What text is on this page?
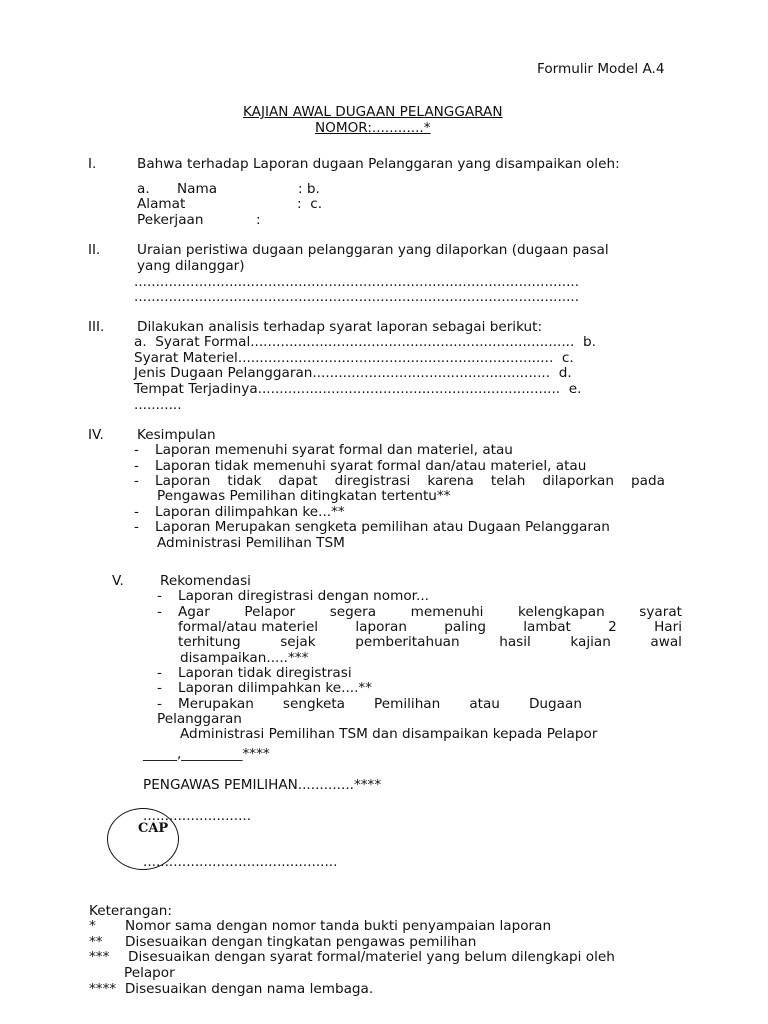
Formulir Model A.4
KAJIAN AWAL DUGAAN PELANGGARAN
NOMOR:............*
I.	Bahwa terhadap Laporan dugaan Pelanggaran yang disampaikan oleh:
a. Nama	: b.
Alamat	:  c.
Pekerjaan	:
II.	Uraian peristiwa dugaan pelanggaran yang dilaporkan (dugaan pasal
yang dilanggar)
.......................................................................................................
.......................................................................................................
III. Dilakukan analisis terhadap syarat laporan sebagai berikut:
a.  Syarat Formal...........................................................................  b.
Syarat Materiel.........................................................................  c.
Jenis Dugaan Pelanggaran.......................................................  d.
Tempat Terjadinya......................................................................  e.
...........
IV. Kesimpulan
- Laporan memenuhi syarat formal dan materiel, atau
- Laporan tidak memenuhi syarat formal dan/atau materiel, atau
- Laporan tidak dapat diregistrasi karena telah dilaporkan pada
Pengawas Pemilihan ditingkatan tertentu**
- Laporan dilimpahkan ke...**
- Laporan Merupakan sengketa pemilihan atau Dugaan Pelanggaran
Administrasi Pemilihan TSM
V.	Rekomendasi
- Laporan diregistrasi dengan nomor...
- Agar	Pelapor	segera	memenuhi	kelengkapan	syarat
formal/atau materiel	laporan	paling	lambat	2	Hari
terhitung	sejak	pemberitahuan	hasil	kajian	awal
disampaikan.....***
- Laporan tidak diregistrasi
- Laporan dilimpahkan ke....**
- Merupakan sengketa Pemilihan atau Dugaan
Pelanggaran
Administrasi Pemilihan TSM dan disampaikan kepada Pelapor
_____,_________****
PENGAWAS PEMILIHAN.............****
.........................
CAP
.............................................
Keterangan:
* Nomor sama dengan nomor tanda bukti penyampaian laporan
** Disesuaikan dengan tingkatan pengawas pemilihan
*** Disesuaikan dengan syarat formal/materiel yang belum dilengkapi oleh
Pelapor
****  Disesuaikan dengan nama lembaga.
